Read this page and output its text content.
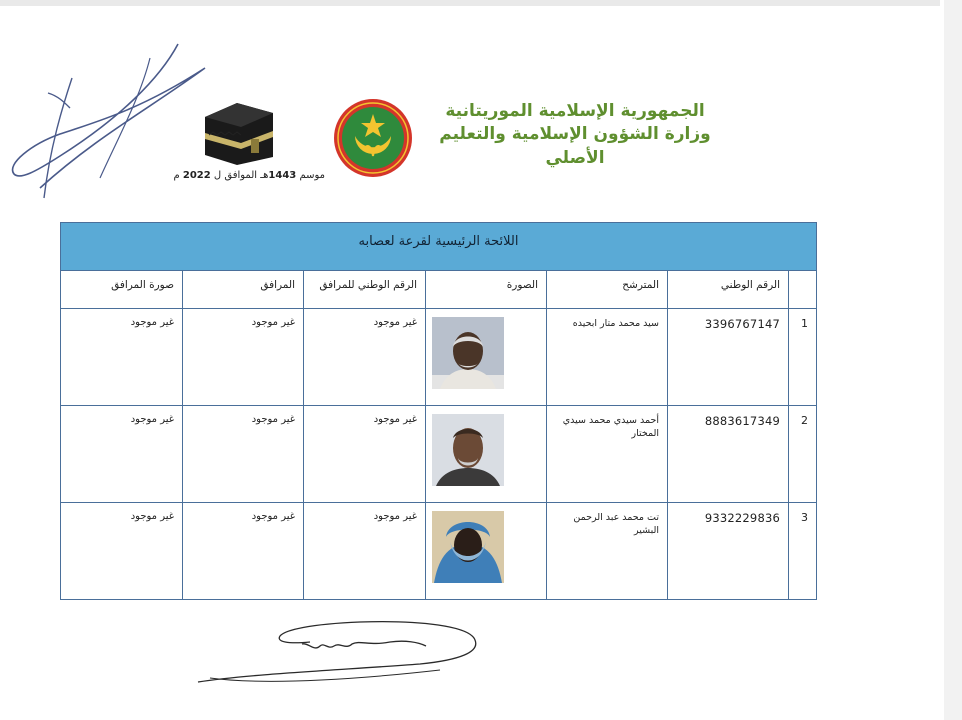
الجمهورية الإسلامية الموريتانية
وزارة الشؤون الإسلامية والتعليم الأصلي
موسم 1443هـ الموافق ل 2022 م
اللائحة الرئيسية لقرعة لعصابه
الرقم الوطني
المترشح
الصورة
الرقم الوطني للمرافق
المرافق
صورة المرافق
1
3396767147
سيد محمد متار ابحيده
غير موجود
غير موجود
غير موجود
2
8883617349
أحمد سيدي محمد سيدي المختار
غير موجود
غير موجود
غير موجود
3
9332229836
تت محمد عبد الرحمن البشير
غير موجود
غير موجود
غير موجود
